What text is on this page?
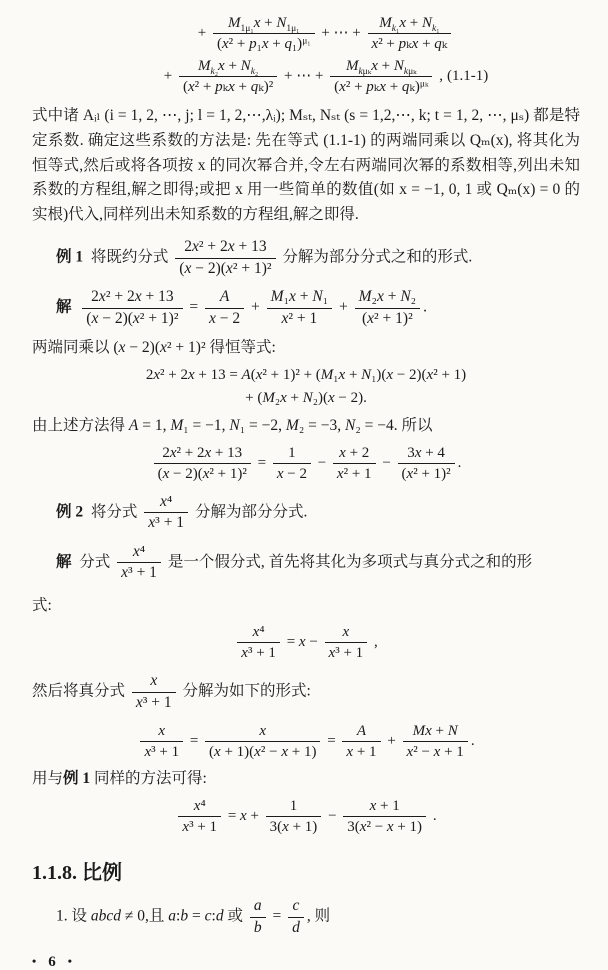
+ $\frac{M_{1\mu_1}x + N_{1\mu_1}}{(x^2 + p_1x + q_1)^{\mu_1}}$ + ⋯ + $\frac{M_{k_1}x + N_{k_1}}{\text{x² + pₖx + qₖ}}$
+ $\frac{M_{k_2}x + N_{k_2}}{\text{(x² + pₖx + qₖ)²}}$ + ⋯ + $\frac{M_{k\mu_k}x + N_{k\mu_k}}{(x^2 + p_kx + q_k)^{\mu_k}}$ , (1.1-1)

式中诸 Aᵢₗ (i = 1, 2, ⋯, j; l = 1, 2,⋯,λᵢ); Mₛₜ, Nₛₜ (s = 1,2,⋯, k; t = 1, 2, ⋯, μₛ) 都是特定系数. 确定这些系数的方法是: 先在等式 (1.1-1) 的两端同乘以 Qₘ(x), 将其化为恒等式,然后或将各项按 x 的同次幂合并,令左右两端同次幂的系数相等,列出未知系数的方程组,解之即得;或把 x 用一些简单的数值(如 x = −1, 0, 1 或 Qₘ(x) = 0 的实根)代入,同样列出未知系数的方程组,解之即得.

例 1  将既约分式 $\frac{\text{2x² + 2x + 13}}{\text{(x − 2)(x² + 1)²}}$ 分解为部分分式之和的形式.
解 $\frac{\text{2x² + 2x + 13}}{\text{(x − 2)(x² + 1)²}} = \frac{A}{x - 2} + \frac{\text{M₁x + N₁}}{\text{x² + 1}} + \frac{\text{M₂x + N₂}}{\text{(x² + 1)²}}$ .
两端同乘以 (x − 2)(x² + 1)² 得恒等式:
2x² + 2x + 13 = A(x² + 1)² + (M₁x + N₁)(x − 2)(x² + 1)
+ (M₂x + N₂)(x − 2).
由上述方法得 A = 1, M₁ = −1, N₁ = −2, M₂ = −3, N₂ = −4. 所以
$\frac{\text{2x² + 2x + 13}}{\text{(x − 2)(x² + 1)²}} = \frac{1}{x - 2} - \frac{x + 2}{\text{x² + 1}} - \frac{3x + 4}{\text{(x² + 1)²}}$ .
例 2  将分式 $\frac{\text{x⁴}}{\text{x³ + 1}}$ 分解为部分分式.
解  分式 $\frac{\text{x⁴}}{\text{x³ + 1}}$ 是一个假分式, 首先将其化为多项式与真分式之和的形
式:
$\frac{\text{x⁴}}{\text{x³ + 1}} = x - \frac{x}{\text{x³ + 1}}$ ,
然后将真分式 $\frac{x}{\text{x³ + 1}}$ 分解为如下的形式:
$\frac{x}{\text{x³ + 1}} = \frac{x}{\text{(x + 1)(x² − x + 1)}} = \frac{A}{x + 1} + \frac{Mx + N}{\text{x² − x + 1}}$ .
用与例 1 同样的方法可得:
$\frac{\text{x⁴}}{\text{x³ + 1}} = x + \frac{1}{3(x + 1)} - \frac{x + 1}{\text{3(x² − x + 1)}}$ .
1.1.8. 比例
1. 设 abcd ≠ 0,且 a:b = c:d 或 $\frac{a}{b} = \frac{c}{d}$ , 则
• 6 •
